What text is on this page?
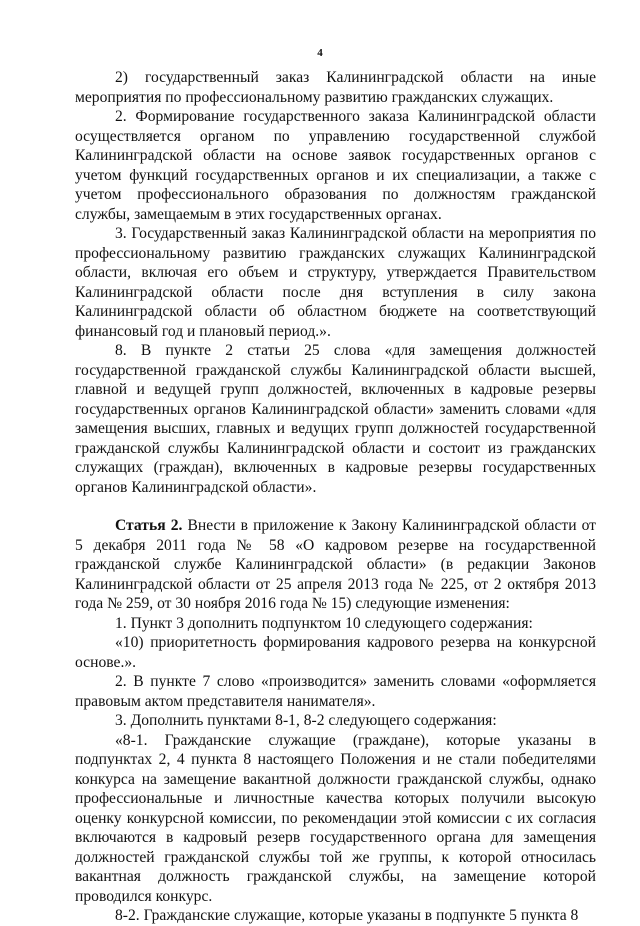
4

2) государственный заказ Калининградской области на иные мероприятия по профессиональному развитию гражданских служащих.

2. Формирование государственного заказа Калининградской области осуществляется органом по управлению государственной службой Калининградской области на основе заявок государственных органов с учетом функций государственных органов и их специализации, а также с учетом профессионального образования по должностям гражданской службы, замещаемым в этих государственных органах.

3. Государственный заказ Калининградской области на мероприятия по профессиональному развитию гражданских служащих Калининградской области, включая его объем и структуру, утверждается Правительством Калининградской области после дня вступления в силу закона Калининградской области об областном бюджете на соответствующий финансовый год и плановый период.».

8. В пункте 2 статьи 25 слова «для замещения должностей государственной гражданской службы Калининградской области высшей, главной и ведущей групп должностей, включенных в кадровые резервы государственных органов Калининградской области» заменить словами «для замещения высших, главных и ведущих групп должностей государственной гражданской службы Калининградской области и состоит из гражданских служащих (граждан), включенных в кадровые резервы государственных органов Калининградской области».

Статья 2. Внести в приложение к Закону Калининградской области от 5 декабря 2011 года № 58 «О кадровом резерве на государственной гражданской службе Калининградской области» (в редакции Законов Калининградской области от 25 апреля 2013 года № 225, от 2 октября 2013 года № 259, от 30 ноября 2016 года № 15) следующие изменения:

1. Пункт 3 дополнить подпунктом 10 следующего содержания:

«10) приоритетность формирования кадрового резерва на конкурсной основе.».

2. В пункте 7 слово «производится» заменить словами «оформляется правовым актом представителя нанимателя».

3. Дополнить пунктами 8-1, 8-2 следующего содержания:

«8-1. Гражданские служащие (граждане), которые указаны в подпунктах 2, 4 пункта 8 настоящего Положения и не стали победителями конкурса на замещение вакантной должности гражданской службы, однако профессиональные и личностные качества которых получили высокую оценку конкурсной комиссии, по рекомендации этой комиссии с их согласия включаются в кадровый резерв государственного органа для замещения должностей гражданской службы той же группы, к которой относилась вакантная должность гражданской службы, на замещение которой проводился конкурс.

8-2. Гражданские служащие, которые указаны в подпункте 5 пункта 8
